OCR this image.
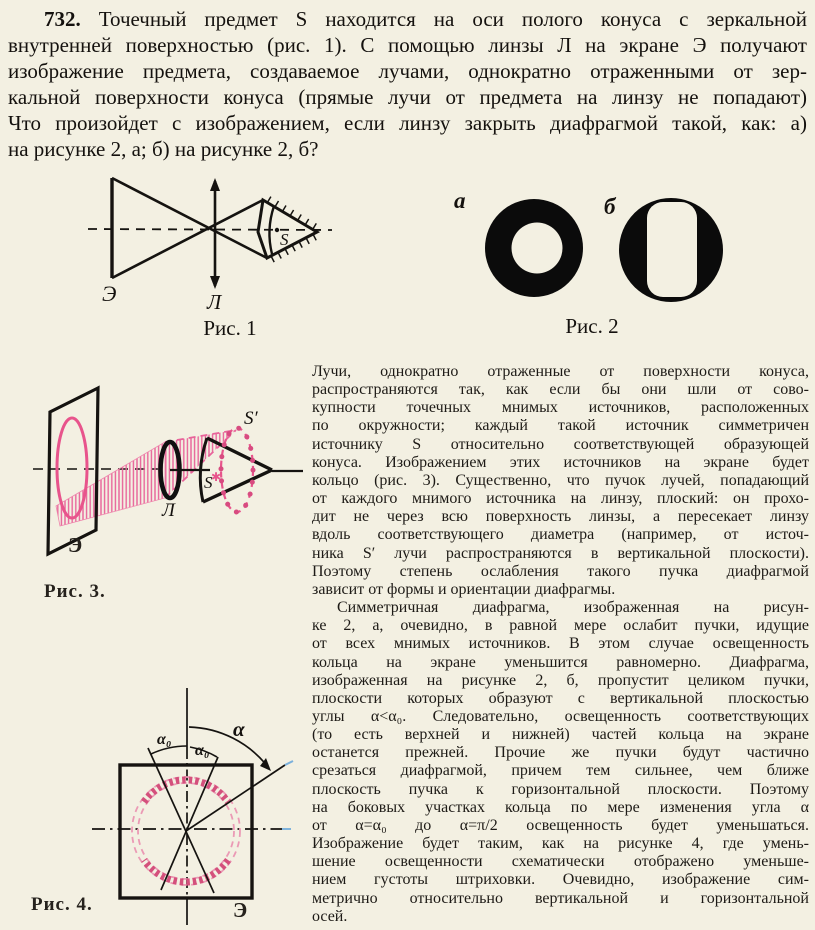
732. Точечный предмет S находится на оси полого конуса с зеркальной
внутренней поверхностью (рис. 1). С помощью линзы Л на экране Э получают
изображение предмета, создаваемое лучами, однократно отраженными от зер-
кальной поверхности конуса (прямые лучи от предмета на линзу не попадают)
Что произойдет с изображением, если линзу закрыть диафрагмой такой, как: а)
на рисунке 2, а; б) на рисунке 2, б?
Э	Л
S
Рис. 1
а	б
Рис. 2
Э
Л
S
✱
S′
Рис. 3.
α
α₀
α₀
Э
Рис. 4.
Лучи, однократно отраженные от поверхности конуса,
распространяются так, как если бы они шли от сово-
купности точечных мнимых источников, расположенных
по окружности; каждый такой источник симметричен
источнику S относительно соответствующей образующей
конуса. Изображением этих источников на экране будет
кольцо (рис. 3). Существенно, что пучок лучей, попадающий
от каждого мнимого источника на линзу, плоский: он прохо-
дит не через всю поверхность линзы, а пересекает линзу
вдоль соответствующего диаметра (например, от источ-
ника S′ лучи распространяются в вертикальной плоскости).
Поэтому степень ослабления такого пучка диафрагмой
зависит от формы и ориентации диафрагмы.
Симметричная диафрагма, изображенная на рисун-
ке 2, а, очевидно, в равной мере ослабит пучки, идущие
от всех мнимых источников. В этом случае освещенность
кольца на экране уменьшится равномерно. Диафрагма,
изображенная на рисунке 2, б, пропустит целиком пучки,
плоскости которых образуют с вертикальной плоскостью
углы α<α₀. Следовательно, освещенность соответствующих
(то есть верхней и нижней) частей кольца на экране
останется прежней. Прочие же пучки будут частично
срезаться диафрагмой, причем тем сильнее, чем ближе
плоскость пучка к горизонтальной плоскости. Поэтому
на боковых участках кольца по мере изменения угла α
от α=α₀ до α=π/2 освещенность будет уменьшаться.
Изображение будет таким, как на рисунке 4, где умень-
шение освещенности схематически отображено уменьше-
нием густоты штриховки. Очевидно, изображение сим-
метрично относительно вертикальной и горизонтальной
осей.
